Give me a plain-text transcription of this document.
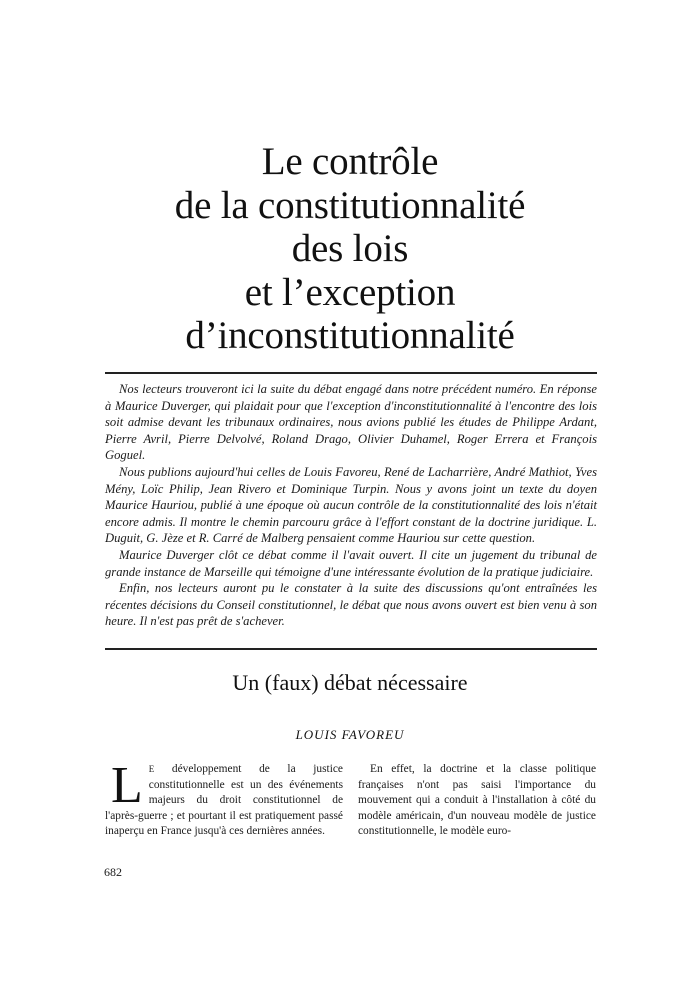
Le contrôle
de la constitutionnalité
des lois
et l’exception
d’inconstitutionnalité

Nos lecteurs trouveront ici la suite du débat engagé dans notre précédent numéro. En réponse à Maurice Duverger, qui plaidait pour que l'exception d'inconstitutionnalité à l'encontre des lois soit admise devant les tribunaux ordinaires, nous avions publié les études de Philippe Ardant, Pierre Avril, Pierre Delvolvé, Roland Drago, Olivier Duhamel, Roger Errera et François Goguel.

Nous publions aujourd'hui celles de Louis Favoreu, René de Lacharrière, André Mathiot, Yves Mény, Loïc Philip, Jean Rivero et Dominique Turpin. Nous y avons joint un texte du doyen Maurice Hauriou, publié à une époque où aucun contrôle de la constitutionnalité des lois n'était encore admis. Il montre le chemin parcouru grâce à l'effort constant de la doctrine juridique. L. Duguit, G. Jèze et R. Carré de Malberg pensaient comme Hauriou sur cette question.

Maurice Duverger clôt ce débat comme il l'avait ouvert. Il cite un jugement du tribunal de grande instance de Marseille qui témoigne d'une intéressante évolution de la pratique judiciaire.

Enfin, nos lecteurs auront pu le constater à la suite des discussions qu'ont entraînées les récentes décisions du Conseil constitutionnel, le débat que nous avons ouvert est bien venu à son heure. Il n'est pas prêt de s'achever.

Un (faux) débat nécessaire
LOUIS FAVOREU

L E développement de la justice constitutionnelle est un des événements majeurs du droit constitutionnel de l'après-guerre ; et pourtant il est pratiquement passé inaperçu en France jusqu'à ces dernières années.

En effet, la doctrine et la classe politique françaises n'ont pas saisi l'importance du mouvement qui a conduit à l'installation à côté du modèle américain, d'un nouveau modèle de justice constitutionnelle, le modèle euro-

682
